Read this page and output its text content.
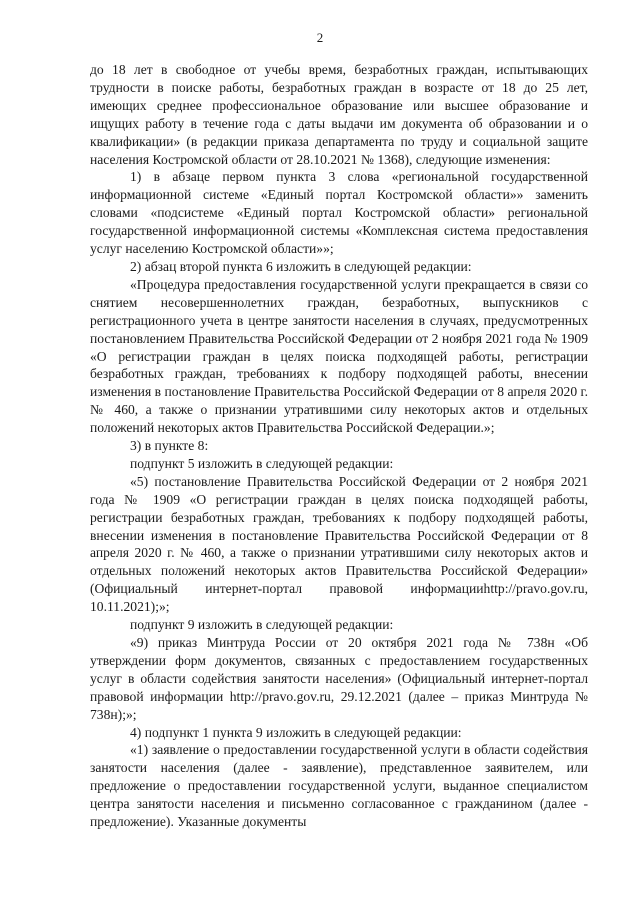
2

до 18 лет в свободное от учебы время, безработных граждан, испытывающих трудности в поиске работы, безработных граждан в возрасте от 18 до 25 лет, имеющих среднее профессиональное образование или высшее образование и ищущих работу в течение года с даты выдачи им документа об образовании и о квалификации» (в редакции приказа департамента по труду и социальной защите населения Костромской области от 28.10.2021 № 1368), следующие изменения:

1) в абзаце первом пункта 3 слова «региональной государственной информационной системе «Единый портал Костромской области»» заменить словами «подсистеме «Единый портал Костромской области» региональной государственной информационной системы «Комплексная система предоставления услуг населению Костромской области»»;

2) абзац второй пункта 6 изложить в следующей редакции:

«Процедура предоставления государственной услуги прекращается в связи со снятием несовершеннолетних граждан, безработных, выпускников с регистрационного учета в центре занятости населения в случаях, предусмотренных постановлением Правительства Российской Федерации от 2 ноября 2021 года № 1909 «О регистрации граждан в целях поиска подходящей работы, регистрации безработных граждан, требованиях к подбору подходящей работы, внесении изменения в постановление Правительства Российской Федерации от 8 апреля 2020 г. № 460, а также о признании утратившими силу некоторых актов и отдельных положений некоторых актов Правительства Российской Федерации.»;

3) в пункте 8:

подпункт 5 изложить в следующей редакции:

«5) постановление Правительства Российской Федерации от 2 ноября 2021 года № 1909 «О регистрации граждан в целях поиска подходящей работы, регистрации безработных граждан, требованиях к подбору подходящей работы, внесении изменения в постановление Правительства Российской Федерации от 8 апреля 2020 г. № 460, а также о признании утратившими силу некоторых актов и отдельных положений некоторых актов Правительства Российской Федерации» (Официальный интернет-портал правовой информацииhttp://pravo.gov.ru, 10.11.2021);»;

подпункт 9 изложить в следующей редакции:

«9) приказ Минтруда России от 20 октября 2021 года № 738н «Об утверждении форм документов, связанных с предоставлением государственных услуг в области содействия занятости населения» (Официальный интернет-портал правовой информации http://pravo.gov.ru, 29.12.2021 (далее – приказ Минтруда № 738н);»;

4) подпункт 1 пункта 9 изложить в следующей редакции:

«1) заявление о предоставлении государственной услуги в области содействия занятости населения (далее - заявление), представленное заявителем, или предложение о предоставлении государственной услуги, выданное специалистом центра занятости населения и письменно согласованное с гражданином (далее - предложение). Указанные документы
